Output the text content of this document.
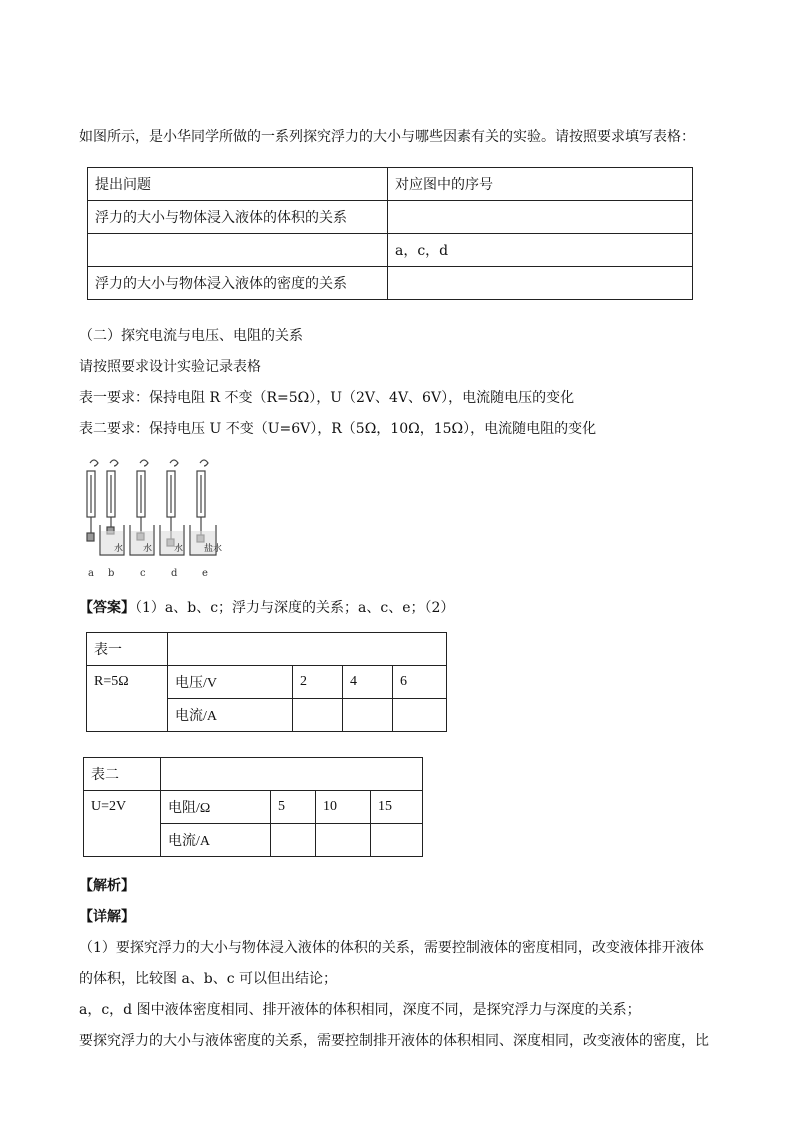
如图所示，是小华同学所做的一系列探究浮力的大小与哪些因素有关的实验。请按照要求填写表格：
提出问题	对应图中的序号
浮力的大小与物体浸入液体的体积的关系	
	a，c，d
浮力的大小与物体浸入液体的密度的关系	
（二）探究电流与电压、电阻的关系
请按照要求设计实验记录表格
表一要求：保持电阻 R 不变（R=5Ω），U（2V、4V、6V），电流随电压的变化
表二要求：保持电压 U 不变（U=6V），R（5Ω，10Ω，15Ω），电流随电阻的变化
水 水 水 盐水
a b	c	d e
【答案】（1）a、b、c；浮力与深度的关系；a、c、e；（2）
表一				
R=5Ω	电压/V	2	4	6
	电流/A			
表二				
U=2V	电阻/Ω	5	10	15
	电流/A			
【解析】
【详解】
（1）要探究浮力的大小与物体浸入液体的体积的关系，需要控制液体的密度相同，改变液体排开液体
的体积，比较图 a、b、c 可以但出结论；
a，c，d 图中液体密度相同、排开液体的体积相同，深度不同，是探究浮力与深度的关系；
要探究浮力的大小与液体密度的关系，需要控制排开液体的体积相同、深度相同，改变液体的密度，比
